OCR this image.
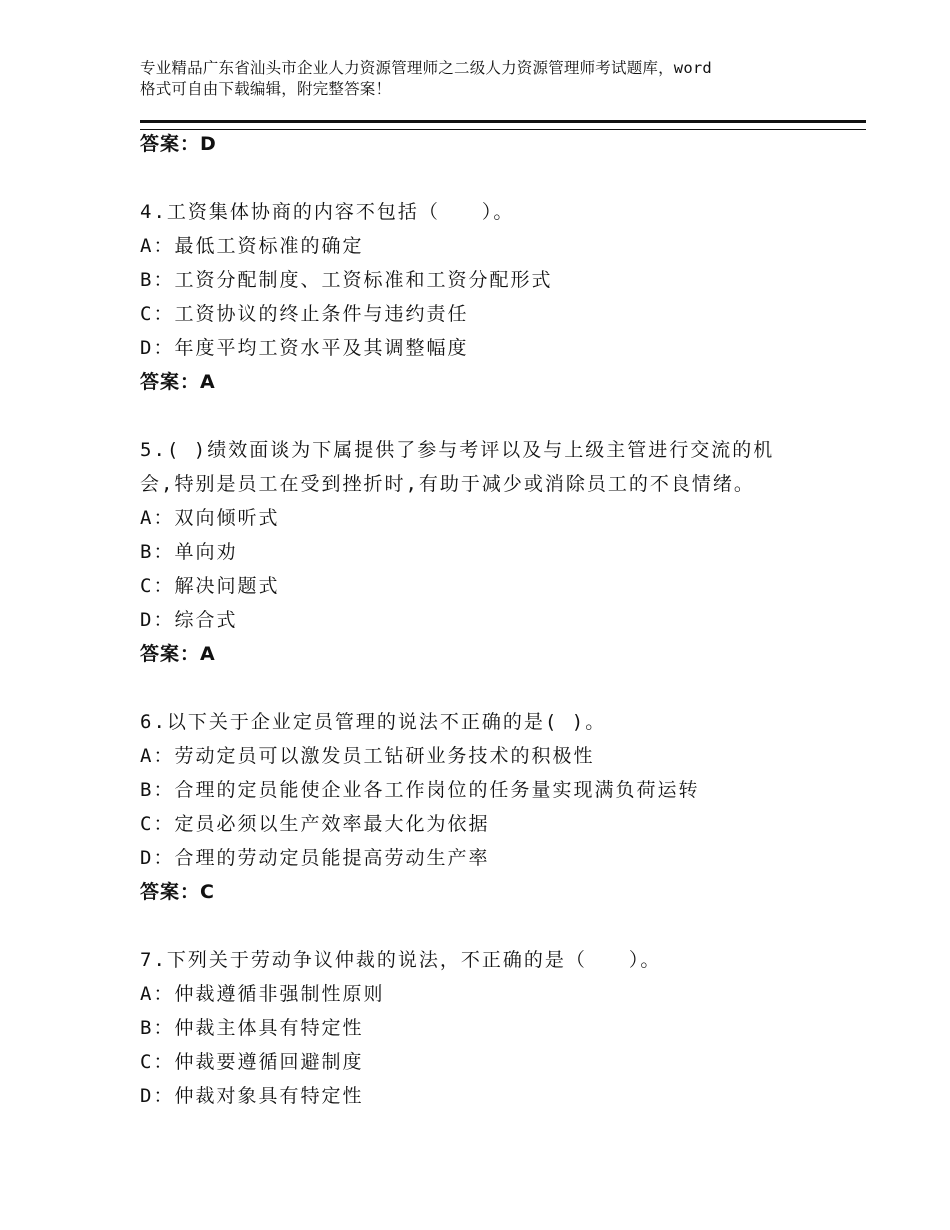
专业精品广东省汕头市企业人力资源管理师之二级人力资源管理师考试题库，word
格式可自由下载编辑，附完整答案！
答案：D
4.工资集体协商的内容不包括（　　）。
A：最低工资标准的确定
B：工资分配制度、工资标准和工资分配形式
C：工资协议的终止条件与违约责任
D：年度平均工资水平及其调整幅度
答案：A
5.( )绩效面谈为下属提供了参与考评以及与上级主管进行交流的机
会,特别是员工在受到挫折时,有助于减少或消除员工的不良情绪。
A：双向倾听式
B：单向劝
C：解决问题式
D：综合式
答案：A
6.以下关于企业定员管理的说法不正确的是( )。
A：劳动定员可以激发员工钻研业务技术的积极性
B：合理的定员能使企业各工作岗位的任务量实现满负荷运转
C：定员必须以生产效率最大化为依据
D：合理的劳动定员能提高劳动生产率
答案：C
7.下列关于劳动争议仲裁的说法，不正确的是（　　）。
A：仲裁遵循非强制性原则
B：仲裁主体具有特定性
C：仲裁要遵循回避制度
D：仲裁对象具有特定性
